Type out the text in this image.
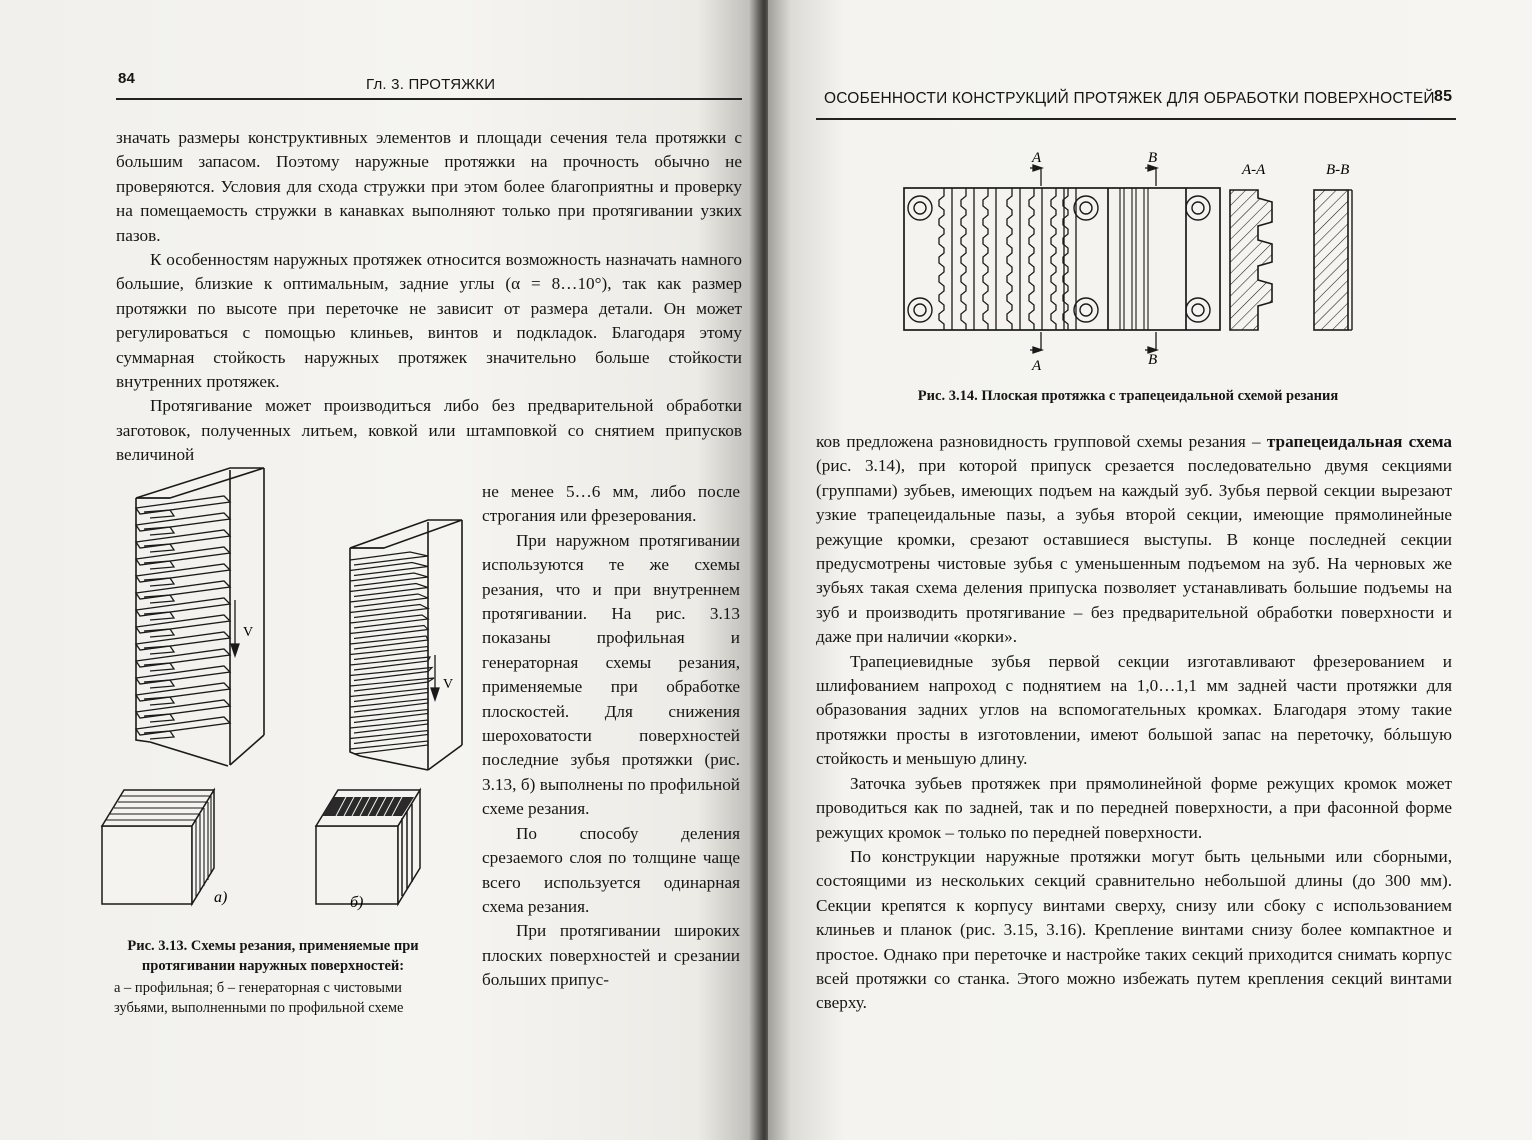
84	Гл. 3. ПРОТЯЖКИ

значать размеры конструктивных элементов и площади сечения тела протяжки с большим запасом. Поэтому наружные протяжки на прочность обычно не проверяются. Условия для схода стружки при этом более благоприятны и проверку на помещаемость стружки в канавках выполняют только при протягивании узких пазов.

К особенностям наружных протяжек относится возможность назначать намного большие, близкие к оптимальным, задние углы (α = 8…10°), так как размер протяжки по высоте при переточке не зависит от размера детали. Он может регулироваться с помощью клиньев, винтов и подкладок. Благодаря этому суммарная стойкость наружных протяжек значительно больше стойкости внутренних протяжек.

Протягивание может производиться либо без предварительной обработки заготовок, полученных литьем, ковкой или штамповкой со снятием припусков величиной

не менее 5…6 мм, либо после строгания или фрезерования.

При наружном протягивании используются те же схемы резания, что и при внутреннем протягивании. На рис. 3.13 показаны профильная и генераторная схемы резания, применяемые при обработке плоскостей. Для снижения шероховатости поверхностей последние зубья протяжки (рис. 3.13, б) выполнены по профильной схеме резания.

По способу деления срезаемого слоя по толщине чаще всего используется одинарная схема резания.

При протягивании широких плоских поверхностей и срезании больших припус-

V
V
а)	б)
Рис. 3.13. Схемы резания, применяемые при протягивании наружных поверхностей:
а – профильная; б – генераторная с чистовыми зубьями, выполненными по профильной схеме
ОСОБЕННОСТИ КОНСТРУКЦИЙ ПРОТЯЖЕК ДЛЯ ОБРАБОТКИ ПОВЕРХНОСТЕЙ 85
A
A
B
B
A-A	B-B
Рис. 3.14. Плоская протяжка с трапецеидальной схемой резания

ков предложена разновидность групповой схемы резания – трапецеидальная схема (рис. 3.14), при которой припуск срезается последовательно двумя секциями (группами) зубьев, имеющих подъем на каждый зуб. Зубья первой секции вырезают узкие трапецеидальные пазы, а зубья второй секции, имеющие прямолинейные режущие кромки, срезают оставшиеся выступы. В конце последней секции предусмотрены чистовые зубья с уменьшенным подъемом на зуб. На черновых же зубьях такая схема деления припуска позволяет устанавливать большие подъемы на зуб и производить протягивание – без предварительной обработки поверхности и даже при наличии «корки».

Трапециевидные зубья первой секции изготавливают фрезерованием и шлифованием напроход с поднятием на 1,0…1,1 мм задней части протяжки для образования задних углов на вспомогательных кромках. Благодаря этому такие протяжки просты в изготовлении, имеют большой запас на переточку, бóльшую стойкость и меньшую длину.

Заточка зубьев протяжек при прямолинейной форме режущих кромок может проводиться как по задней, так и по передней поверхности, а при фасонной форме режущих кромок – только по передней поверхности.

По конструкции наружные протяжки могут быть цельными или сборными, состоящими из нескольких секций сравнительно небольшой длины (до 300 мм). Секции крепятся к корпусу винтами сверху, снизу или сбоку с использованием клиньев и планок (рис. 3.15, 3.16). Крепление винтами снизу более компактное и простое. Однако при переточке и настройке таких секций приходится снимать корпус всей протяжки со станка. Этого можно избежать путем крепления секций винтами сверху.
